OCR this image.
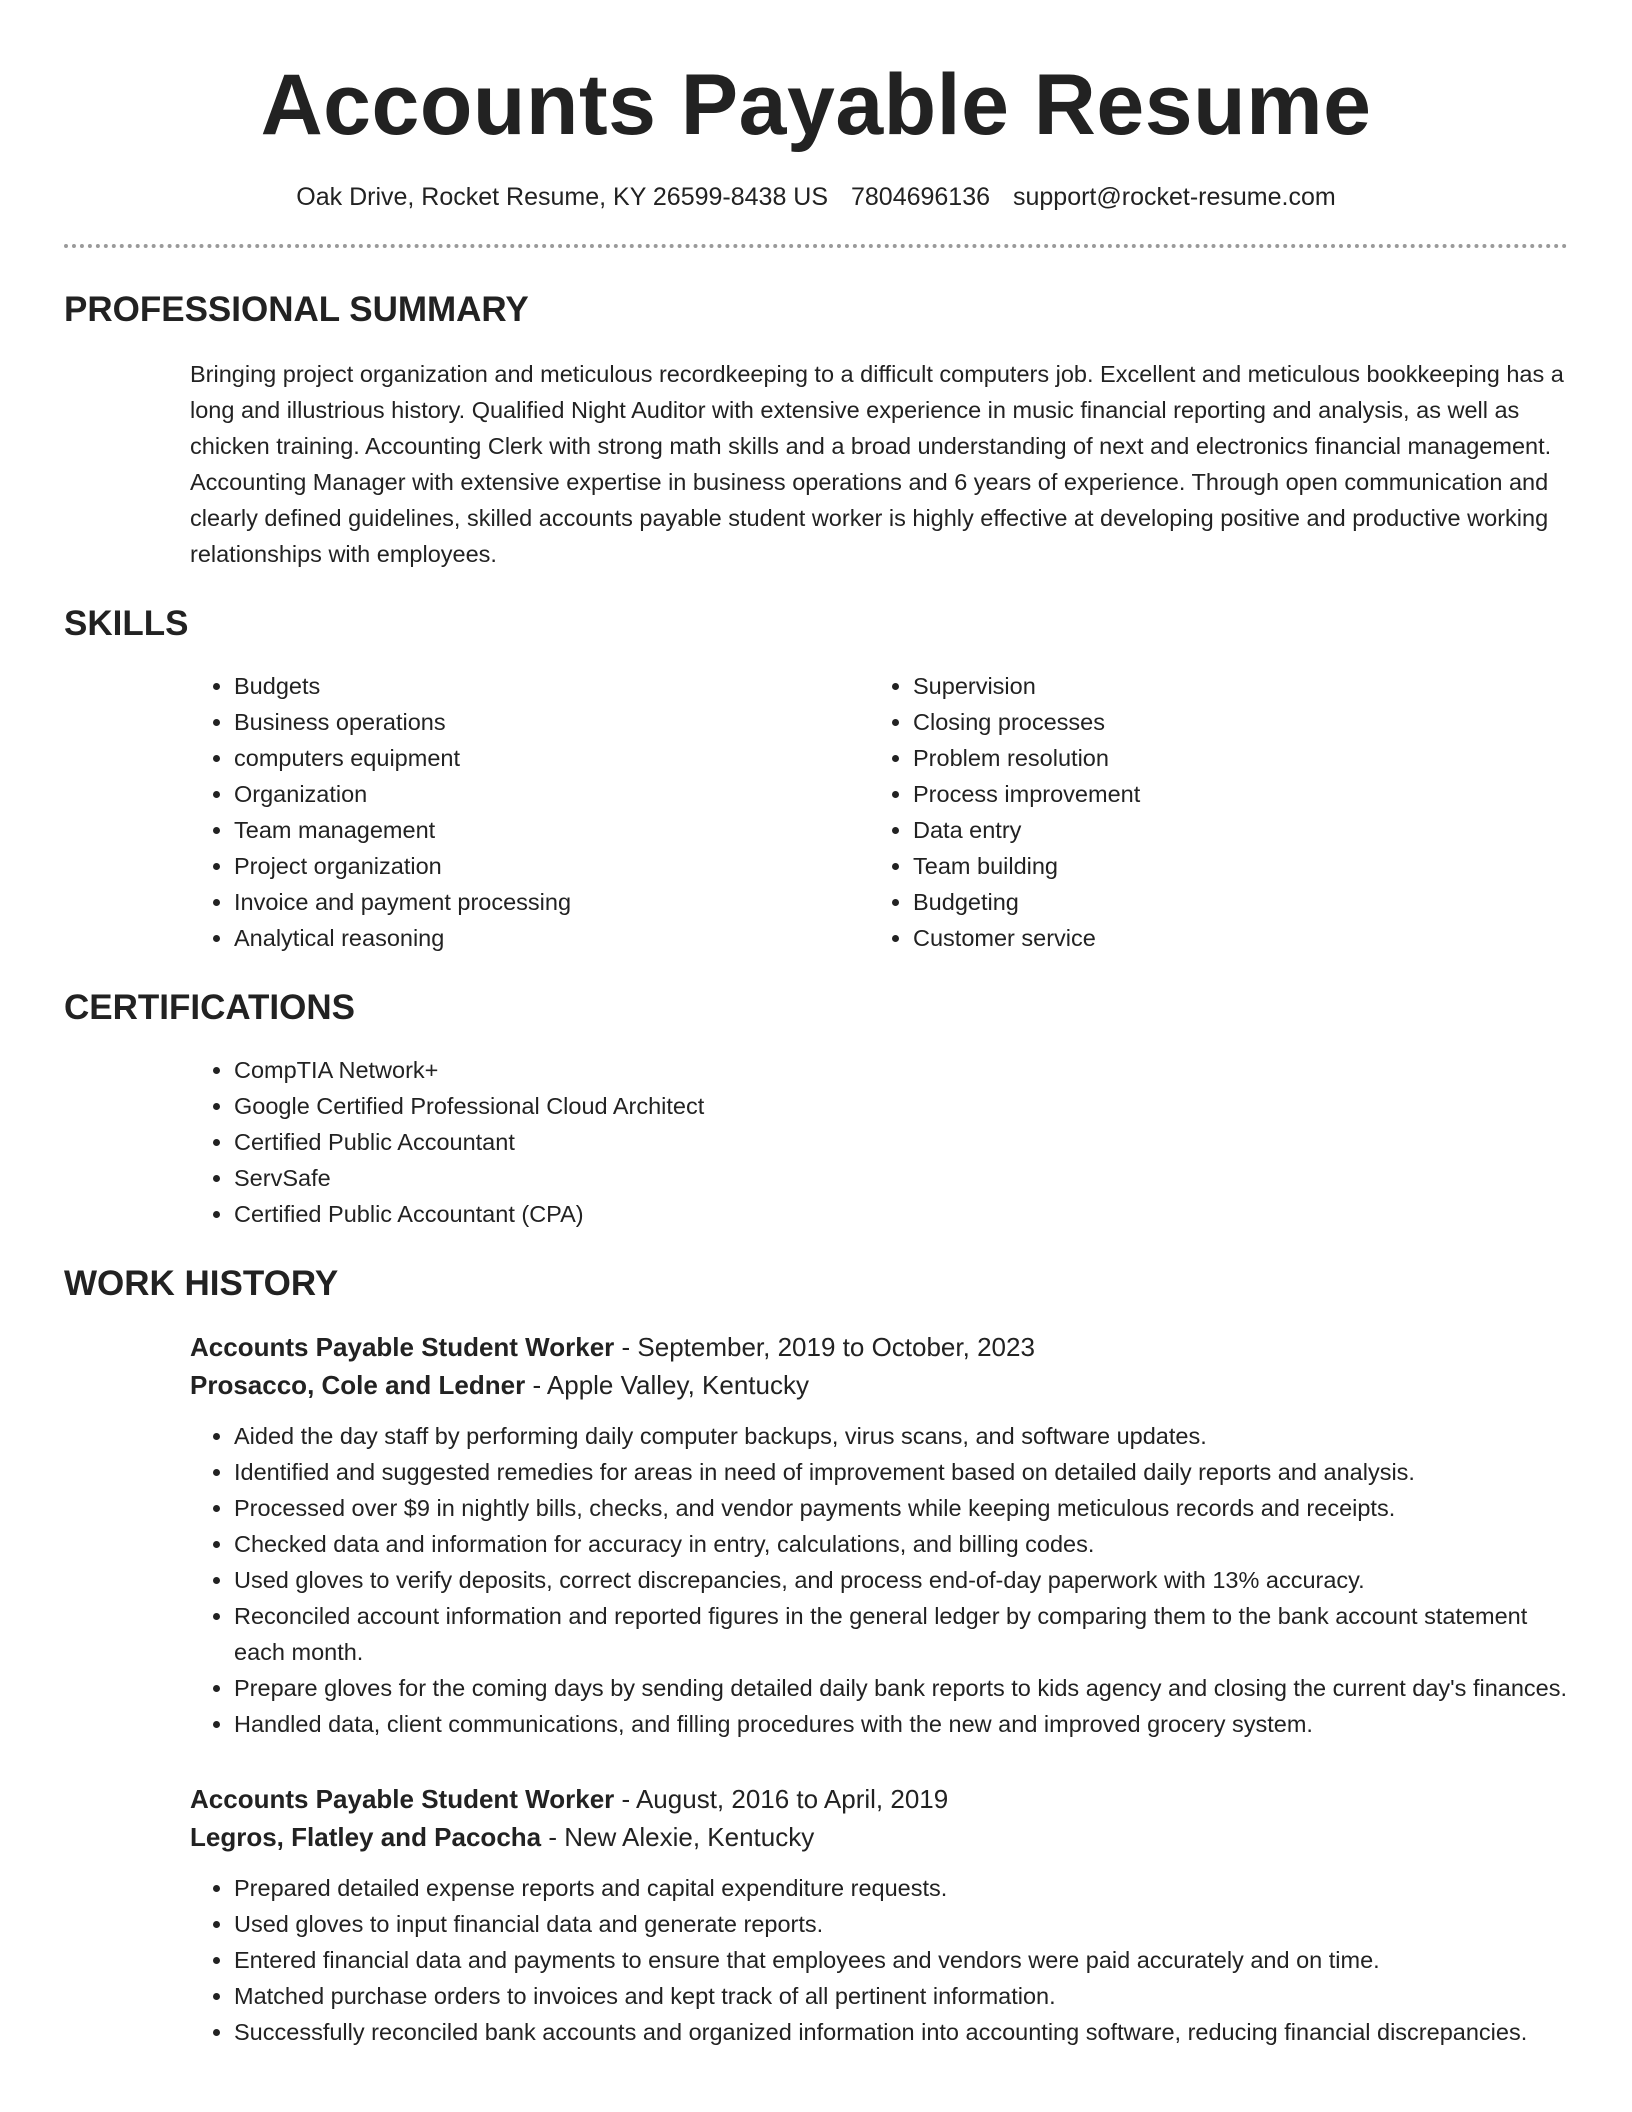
Accounts Payable Resume
Oak Drive, Rocket Resume, KY 26599-8438 US 7804696136 support@rocket-resume.com
PROFESSIONAL SUMMARY

Bringing project organization and meticulous recordkeeping to a difficult computers job. Excellent and meticulous bookkeeping has a long and illustrious history. Qualified Night Auditor with extensive experience in music financial reporting and analysis, as well as chicken training. Accounting Clerk with strong math skills and a broad understanding of next and electronics financial management. Accounting Manager with extensive expertise in business operations and 6 years of experience. Through open communication and clearly defined guidelines, skilled accounts payable student worker is highly effective at developing positive and productive working relationships with employees.

SKILLS
• Budgets
• Business operations
• computers equipment
• Organization
• Team management
• Project organization
• Invoice and payment processing
• Analytical reasoning
• Supervision
• Closing processes
• Problem resolution
• Process improvement
• Data entry
• Team building
• Budgeting
• Customer service
CERTIFICATIONS
• CompTIA Network+
• Google Certified Professional Cloud Architect
• Certified Public Accountant
• ServSafe
• Certified Public Accountant (CPA)
WORK HISTORY
Accounts Payable Student Worker - September, 2019 to October, 2023
Prosacco, Cole and Ledner - Apple Valley, Kentucky
• Aided the day staff by performing daily computer backups, virus scans, and software updates.
• Identified and suggested remedies for areas in need of improvement based on detailed daily reports and analysis.
• Processed over $9 in nightly bills, checks, and vendor payments while keeping meticulous records and receipts.
• Checked data and information for accuracy in entry, calculations, and billing codes.
• Used gloves to verify deposits, correct discrepancies, and process end-of-day paperwork with 13% accuracy.
• Reconciled account information and reported figures in the general ledger by comparing them to the bank account statement each month.
• Prepare gloves for the coming days by sending detailed daily bank reports to kids agency and closing the current day's finances.
• Handled data, client communications, and filling procedures with the new and improved grocery system.
Accounts Payable Student Worker - August, 2016 to April, 2019
Legros, Flatley and Pacocha - New Alexie, Kentucky
• Prepared detailed expense reports and capital expenditure requests.
• Used gloves to input financial data and generate reports.
• Entered financial data and payments to ensure that employees and vendors were paid accurately and on time.
• Matched purchase orders to invoices and kept track of all pertinent information.
• Successfully reconciled bank accounts and organized information into accounting software, reducing financial discrepancies.
